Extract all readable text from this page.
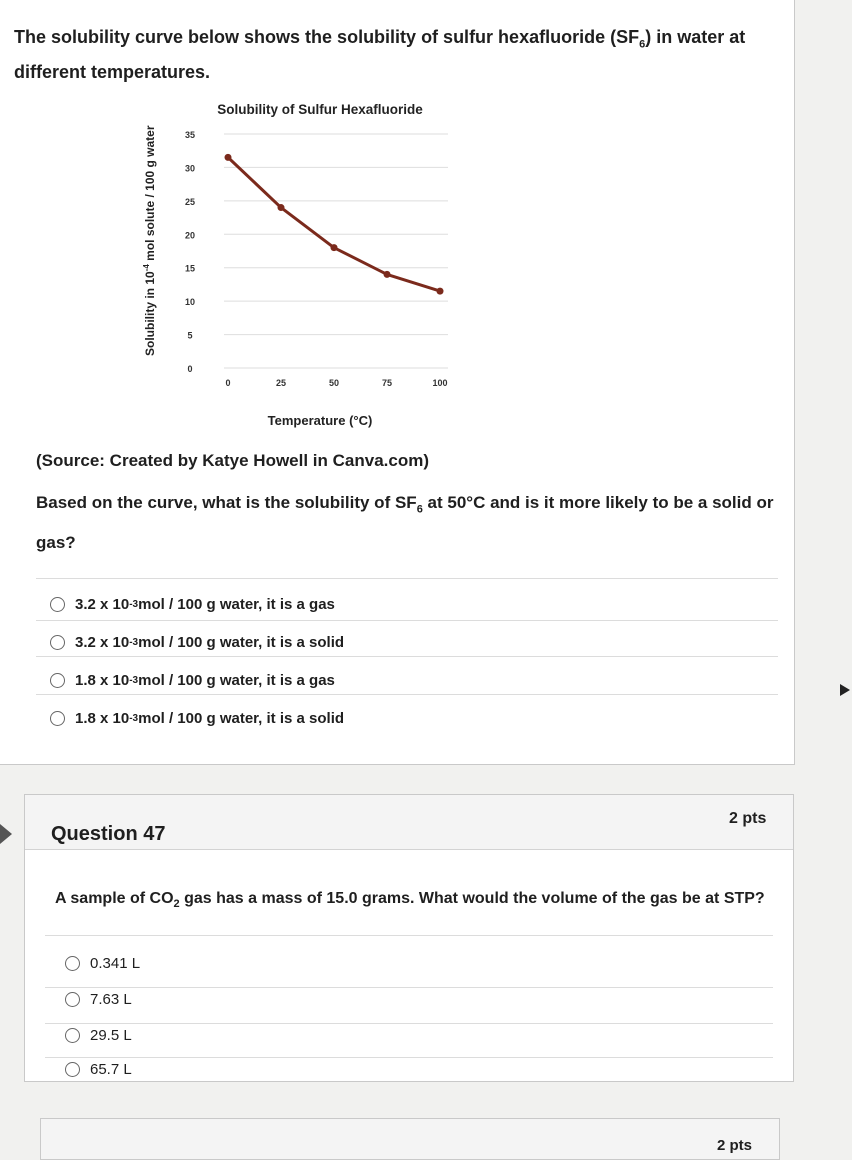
The solubility curve below shows the solubility of sulfur hexafluoride $(SF_6)$ in water at different temperatures.
Solubility of Sulfur Hexafluoride
0
5
10
15
20
25
30
35
0	25	50	75	100
Temperature (°C)
Solubility in $10^{-4}$ mol solute / 100 g water
(Source: Created by Katye Howell in Canva.com)
Based on the curve, what is the solubility of $SF_6$ at 50°C and is it more likely to be a solid or gas?
3.2 x 10 -3 mol / 100 g water, it is a gas
3.2 x 10 -3 mol / 100 g water, it is a solid
1.8 x 10 -3 mol / 100 g water, it is a gas
1.8 x 10 -3 mol / 100 g water, it is a solid
Question 47
2 pts
A sample of $CO_2$ gas has a mass of 15.0 grams. What would the volume of the gas be at STP?
0.341 L
7.63 L
29.5 L
65.7 L
2 pts
